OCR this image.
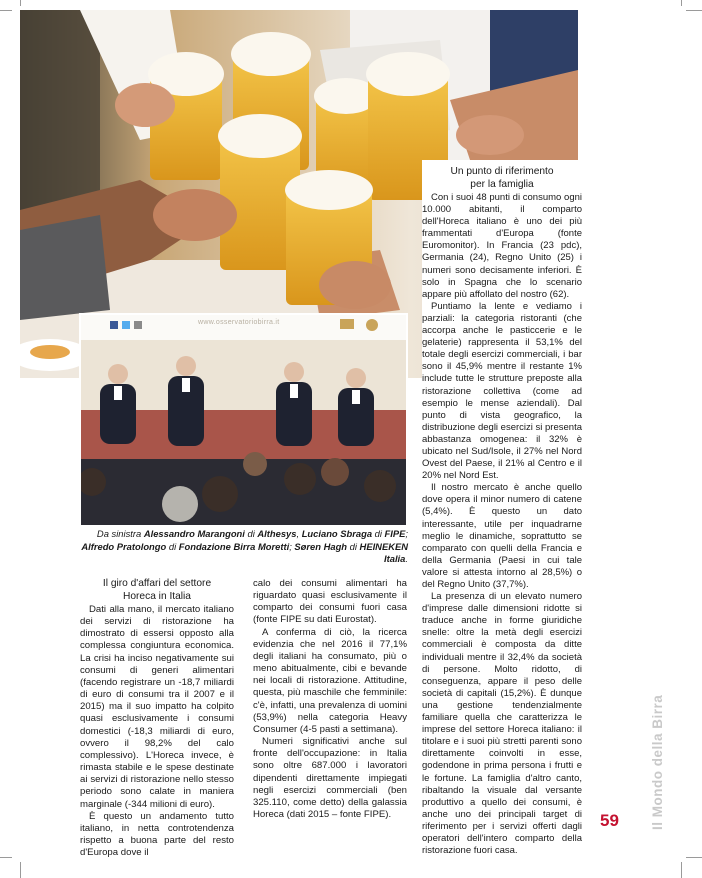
www.osservatoriobirra.it
Da sinistra Alessandro Marangoni di Althesys, Luciano Sbraga di FIPE;
Alfredo Pratolongo di Fondazione Birra Moretti; Søren Hagh di HEINEKEN Italia.
Un punto di riferimento
per la famiglia

Con i suoi 48 punti di consumo ogni 10.000 abitanti, il comparto dell'Horeca italiano è uno dei più frammentati d'Europa (fonte Euromonitor). In Francia (23 pdc), Germania (24), Regno Unito (25) i numeri sono decisamente inferiori. È solo in Spagna che lo scenario appare più affollato del nostro (62).

Puntiamo la lente e vediamo i parziali: la categoria ristoranti (che accorpa anche le pasticcerie e le gelaterie) rappresenta il 53,1% del totale degli esercizi commerciali, i bar sono il 45,9% mentre il restante 1% include tutte le strutture preposte alla ristorazione collettiva (come ad esempio le mense aziendali). Dal punto di vista geografico, la distribuzione degli esercizi si presenta abbastanza omogenea: il 32% è ubicato nel Sud/Isole, il 27% nel Nord Ovest del Paese, il 21% al Centro e il 20% nel Nord Est.

Il nostro mercato è anche quello dove opera il minor numero di catene (5,4%). È questo un dato interessante, utile per inquadrarne meglio le dinamiche, soprattutto se comparato con quelli della Francia e della Germania (Paesi in cui tale valore si attesta intorno al 28,5%) o del Regno Unito (37,7%).

La presenza di un elevato numero d'imprese dalle dimensioni ridotte si traduce anche in forme giuridiche snelle: oltre la metà degli esercizi commerciali è composta da ditte individuali mentre il 32,4% da società di persone. Molto ridotto, di conseguenza, appare il peso delle società di capitali (15,2%). È dunque una gestione tendenzialmente familiare quella che caratterizza le imprese del settore Horeca italiano: il titolare e i suoi più stretti parenti sono direttamente coinvolti in esse, godendone in prima persona i frutti e le fortune. La famiglia d'altro canto, ribaltando la visuale dal versante produttivo a quello dei consumi, è anche uno dei principali target di riferimento per i servizi offerti dagli operatori dell'intero comparto della ristorazione fuori casa.

Il giro d'affari del settore
Horeca in Italia

Dati alla mano, il mercato italiano dei servizi di ristorazione ha dimostrato di essersi opposto alla complessa congiuntura economica. La crisi ha inciso negativamente sui consumi di generi alimentari (facendo registrare un -18,7 miliardi di euro di consumi tra il 2007 e il 2015) ma il suo impatto ha colpito quasi esclusivamente i consumi domestici (-18,3 miliardi di euro, ovvero il 98,2% del calo complessivo). L'Horeca invece, è rimasta stabile e le spese destinate ai servizi di ristorazione nello stesso periodo sono calate in maniera marginale (-344 milioni di euro).

È questo un andamento tutto italiano, in netta controtendenza rispetto a buona parte del resto d'Europa dove il

calo dei consumi alimentari ha riguardato quasi esclusivamente il comparto dei consumi fuori casa (fonte FIPE su dati Eurostat).

A conferma di ciò, la ricerca evidenzia che nel 2016 il 77,1% degli italiani ha consumato, più o meno abitualmente, cibi e bevande nei locali di ristorazione. Attitudine, questa, più maschile che femminile: c'è, infatti, una prevalenza di uomini (53,9%) nella categoria Heavy Consumer (4-5 pasti a settimana).

Numeri significativi anche sul fronte dell'occupazione: in Italia sono oltre 687.000 i lavoratori dipendenti direttamente impiegati negli esercizi commerciali (ben 325.110, come detto) della galassia Horeca (dati 2015 – fonte FIPE).	59 Il Mondo della Birra
